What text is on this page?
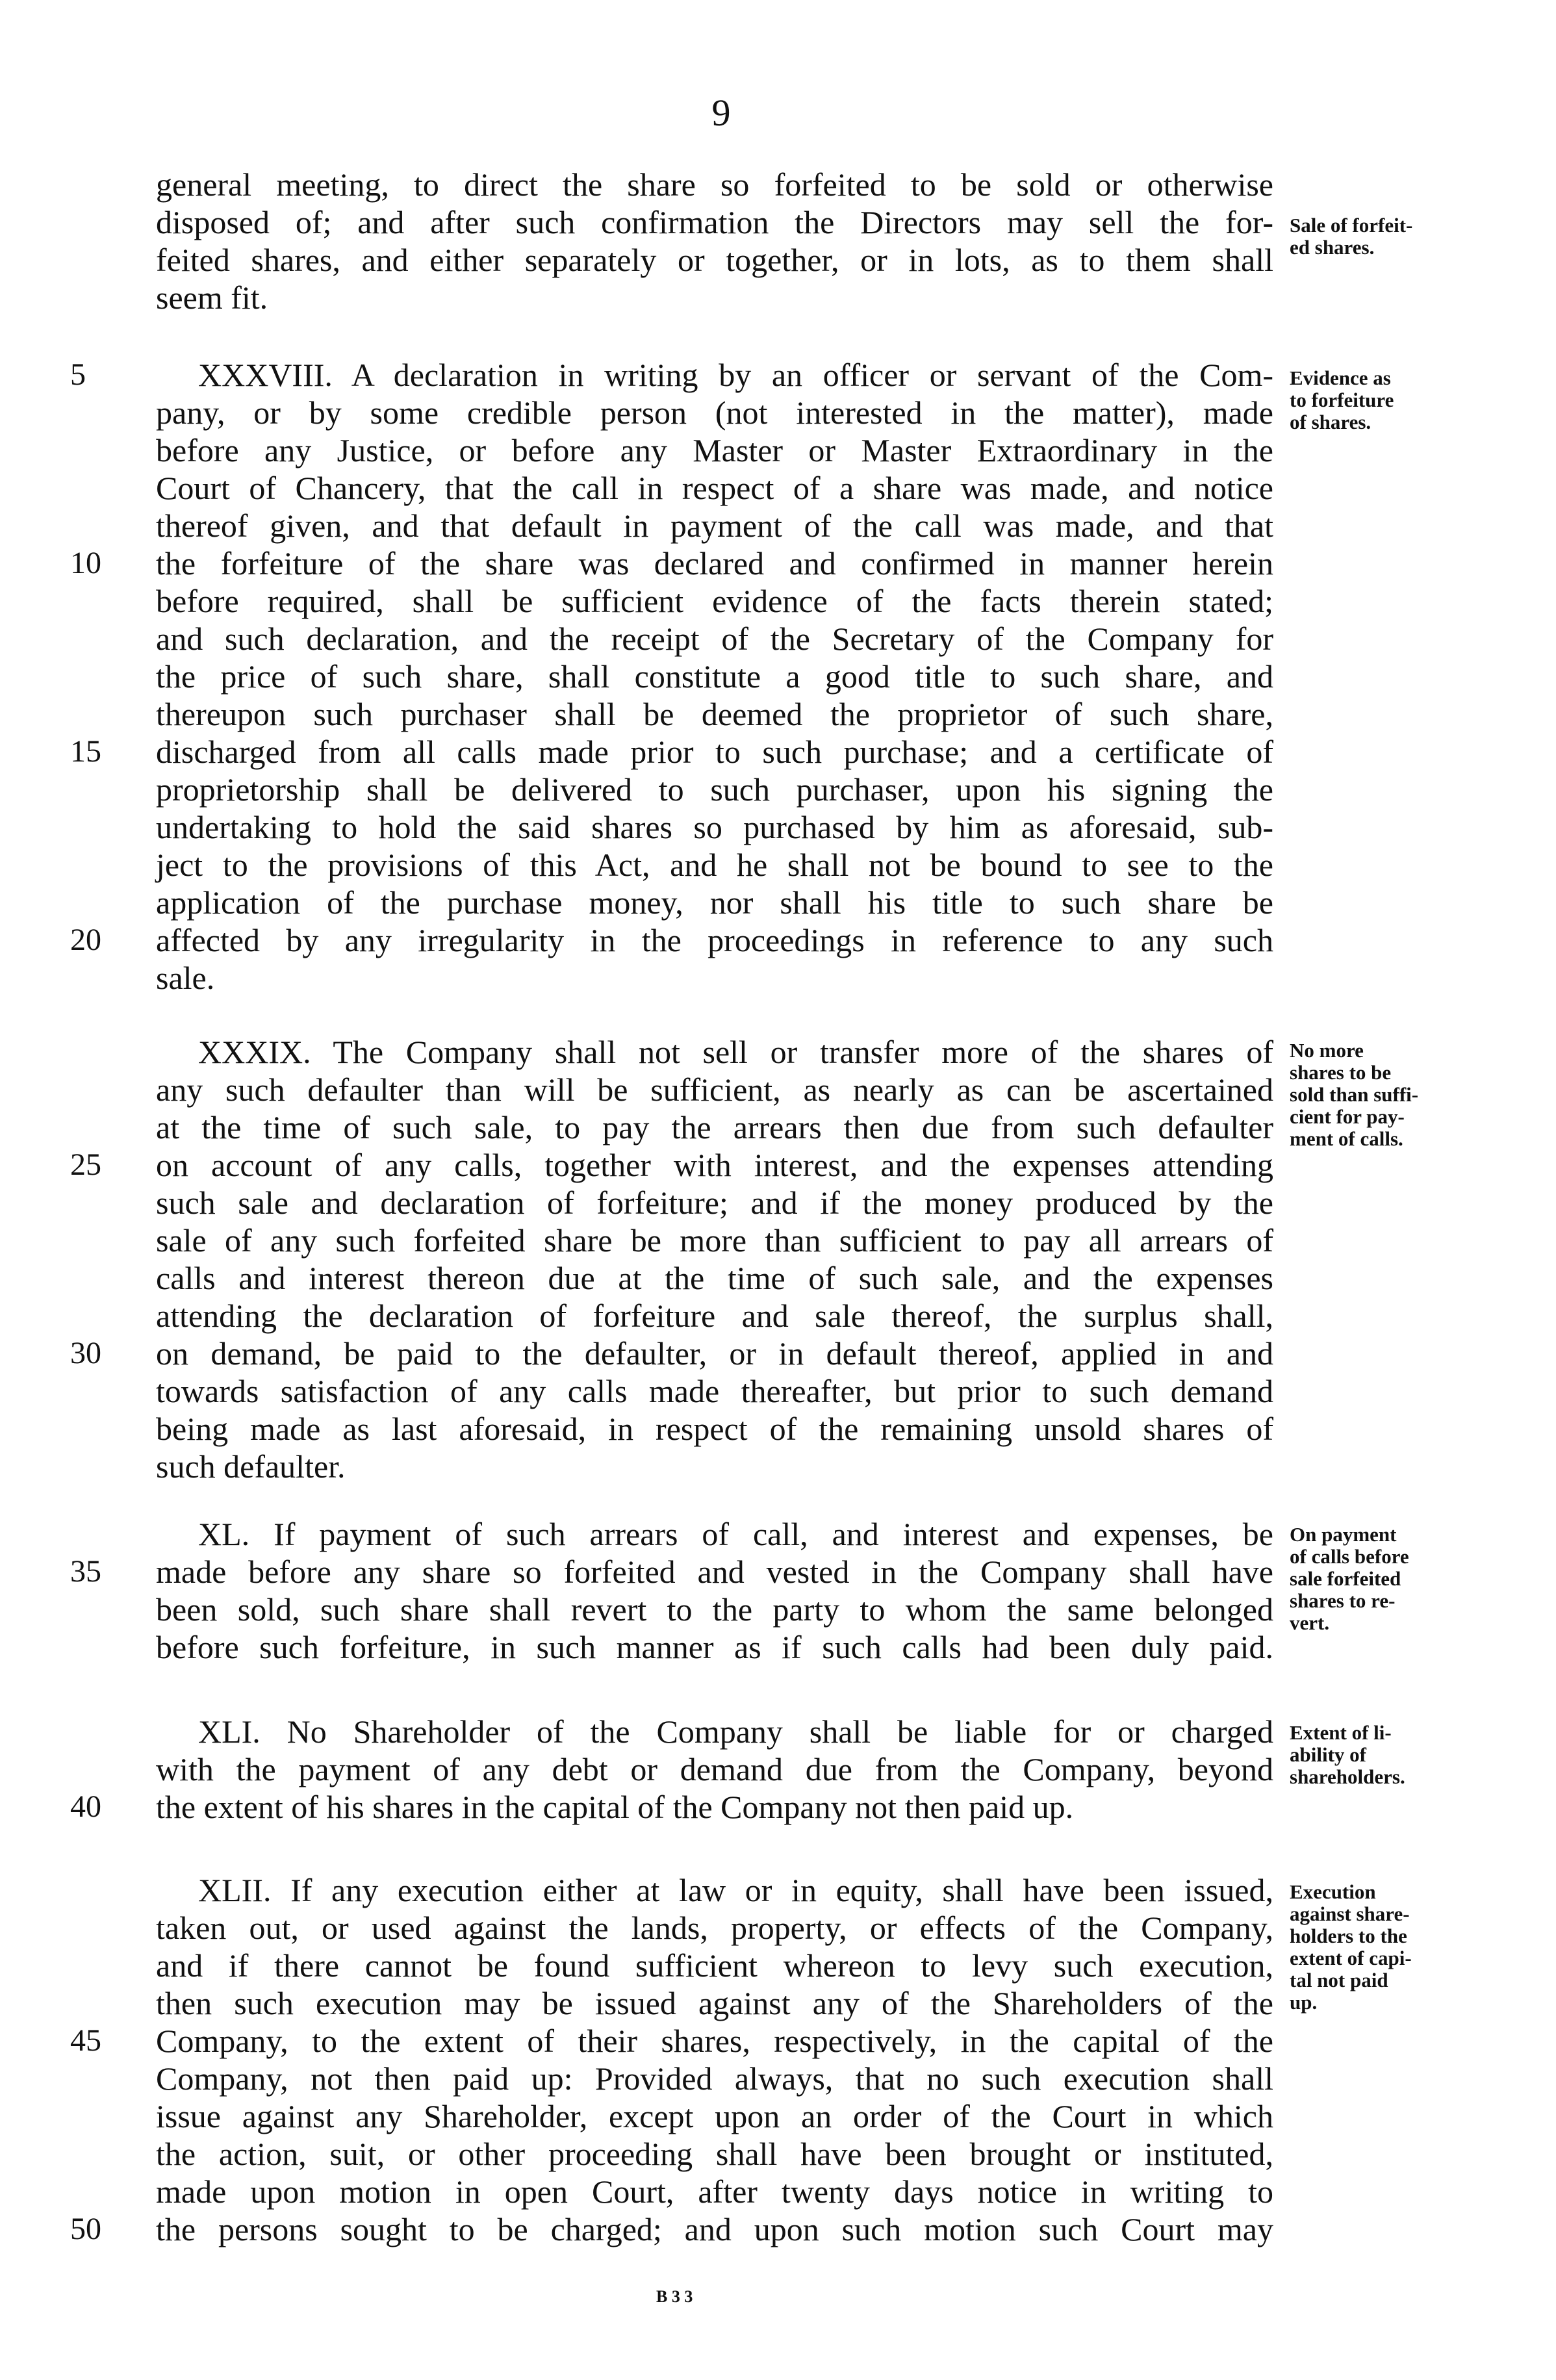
9
general meeting, to direct the share so forfeited to be sold or otherwise
disposed of; and after such confirmation the Directors may sell the for-
feited shares, and either separately or together, or in lots, as to them shall
seem fit.
XXXVIII. A declaration in writing by an officer or servant of the Com-
pany, or by some credible person (not interested in the matter), made
before any Justice, or before any Master or Master Extraordinary in the
Court of Chancery, that the call in respect of a share was made, and notice
thereof given, and that default in payment of the call was made, and that
the forfeiture of the share was declared and confirmed in manner herein
before required, shall be sufficient evidence of the facts therein stated;
and such declaration, and the receipt of the Secretary of the Company for
the price of such share, shall constitute a good title to such share, and
thereupon such purchaser shall be deemed the proprietor of such share,
discharged from all calls made prior to such purchase; and a certificate of
proprietorship shall be delivered to such purchaser, upon his signing the
undertaking to hold the said shares so purchased by him as aforesaid, sub-
ject to the provisions of this Act, and he shall not be bound to see to the
application of the purchase money, nor shall his title to such share be
affected by any irregularity in the proceedings in reference to any such
sale.
XXXIX. The Company shall not sell or transfer more of the shares of
any such defaulter than will be sufficient, as nearly as can be ascertained
at the time of such sale, to pay the arrears then due from such defaulter
on account of any calls, together with interest, and the expenses attending
such sale and declaration of forfeiture; and if the money produced by the
sale of any such forfeited share be more than sufficient to pay all arrears of
calls and interest thereon due at the time of such sale, and the expenses
attending the declaration of forfeiture and sale thereof, the surplus shall,
on demand, be paid to the defaulter, or in default thereof, applied in and
towards satisfaction of any calls made thereafter, but prior to such demand
being made as last aforesaid, in respect of the remaining unsold shares of
such defaulter.
XL. If payment of such arrears of call, and interest and expenses, be
made before any share so forfeited and vested in the Company shall have
been sold, such share shall revert to the party to whom the same belonged
before such forfeiture, in such manner as if such calls had been duly paid.
XLI. No Shareholder of the Company shall be liable for or charged
with the payment of any debt or demand due from the Company, beyond
the extent of his shares in the capital of the Company not then paid up.
XLII. If any execution either at law or in equity, shall have been issued,
taken out, or used against the lands, property, or effects of the Company,
and if there cannot be found sufficient whereon to levy such execution,
then such execution may be issued against any of the Shareholders of the
Company, to the extent of their shares, respectively, in the capital of the
Company, not then paid up: Provided always, that no such execution shall
issue against any Shareholder, except upon an order of the Court in which
the action, suit, or other proceeding shall have been brought or instituted,
made upon motion in open Court, after twenty days notice in writing to
the persons sought to be charged; and upon such motion such Court may
5
10
15
20
25
30
35
40
45
50
Sale of forfeit-
ed shares.
Evidence as
to forfeiture
of shares.
No more
shares to be
sold than suffi-
cient for pay-
ment of calls.
On payment
of calls before
sale forfeited
shares to re-
vert.
Extent of li-
ability of
shareholders.
Execution
against share-
holders to the
extent of capi-
tal not paid
up.
B 3 3
